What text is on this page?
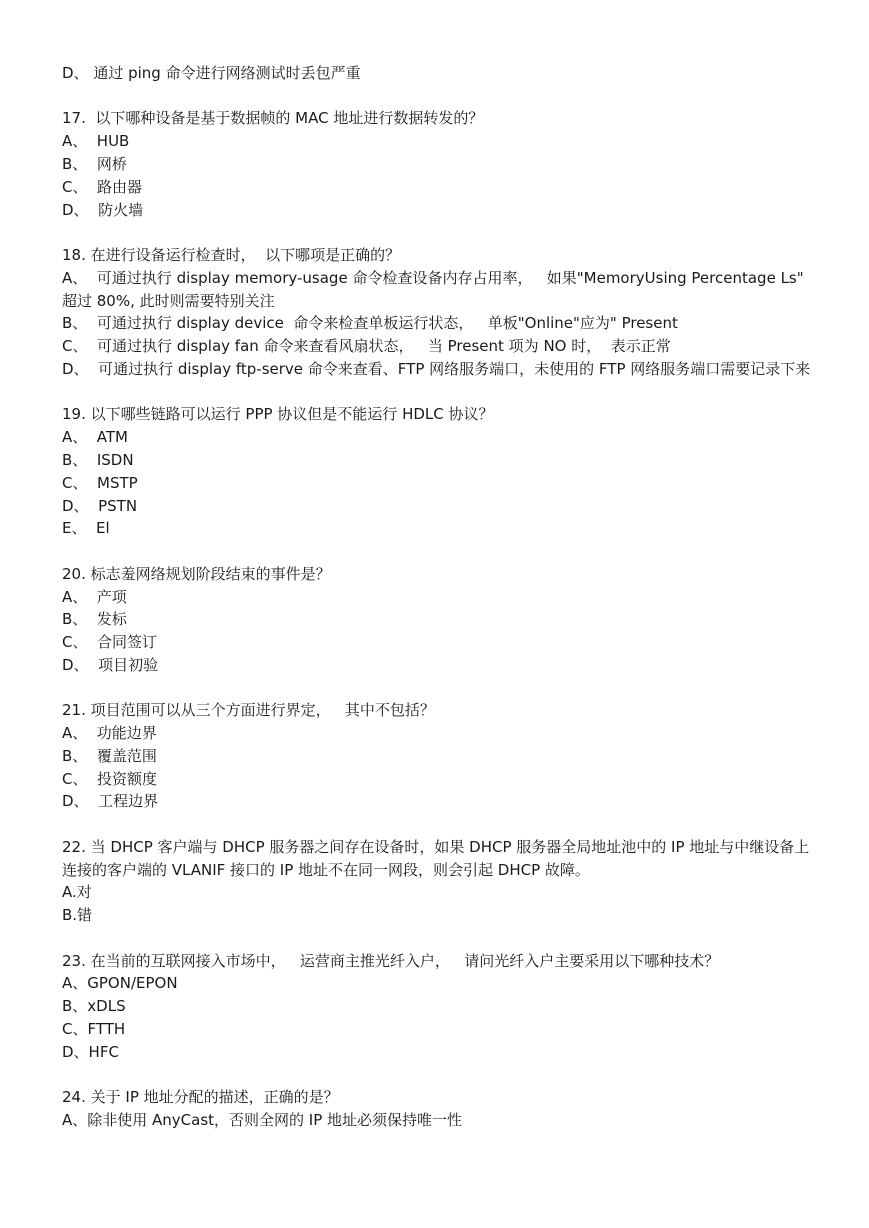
D、 通过 ping 命令进行网络测试时丢包严重
17.  以下哪种设备是基于数据帧的 MAC 地址进行数据转发的？
A、  HUB
B、  网桥
C、  路由器
D、  防火墙
18. 在进行设备运行检查时，  以下哪项是正确的？
A、  可通过执行 display memory-usage 命令检查设备内存占用率，   如果"MemoryUsing Percentage Ls" 超过 80%, 此时则需要特别关注
B、  可通过执行 display device  命令来检查单板运行状态，   单板"Online"应为" Present
C、  可通过执行 display fan 命令来查看风扇状态，   当 Present 项为 NO 时，  表示正常
D、  可通过执行 display ftp-serve 命令来查看、FTP 网络服务端口，未使用的 FTP 网络服务端口需要记录下来
19. 以下哪些链路可以运行 PPP 协议但是不能运行 HDLC 协议？
A、  ATM
B、  ISDN
C、  MSTP
D、  PSTN
E、  El
20. 标志羞网络规划阶段结束的事件是？
A、  产项
B、  发标
C、  合同签订
D、  项目初验
21. 项目范围可以从三个方面进行界定，   其中不包括？
A、  功能边界
B、  覆盖范围
C、  投资额度
D、  工程边界
22. 当 DHCP 客户端与 DHCP 服务器之间存在设备时，如果 DHCP 服务器全局地址池中的 IP 地址与中继设备上连接的客户端的 VLANIF 接口的 IP 地址不在同一网段，则会引起 DHCP 故障。
A.对
B.错
23. 在当前的互联网接入市场中，   运营商主推光纤入户，   请问光纤入户主要采用以下哪种技术？
A、GPON/EPON
B、xDLS
C、FTTH
D、HFC
24. 关于 IP 地址分配的描述，正确的是？
A、除非使用 AnyCast，否则全网的 IP 地址必须保持唯一性
